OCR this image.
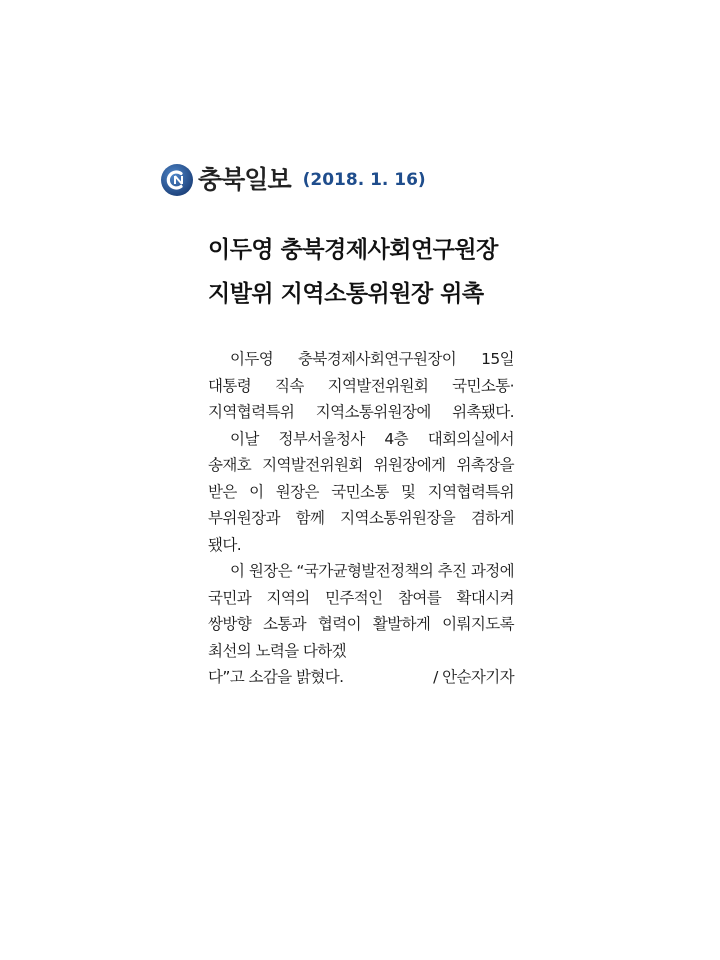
충북일보 (2018. 1. 16)
이두영 충북경제사회연구원장
지발위 지역소통위원장 위촉

이두영 충북경제사회연구원장이 15일 대통령 직속 지역발전위원회 국민소통·지역협력특위 지역소통위원장에 위촉됐다.

이날 정부서울청사 4층 대회의실에서 송재호 지역발전위원회 위원장에게 위촉장을 받은 이 원장은 국민소통 및 지역협력특위 부위원장과 함께 지역소통위원장을 겸하게 됐다.

이 원장은 “국가균형발전정책의 추진 과정에 국민과 지역의 민주적인 참여를 확대시켜 쌍방향 소통과 협력이 활발하게 이뤄지도록 최선의 노력을 다하겠

다”고 소감을 밝혔다.	/ 안순자기자
